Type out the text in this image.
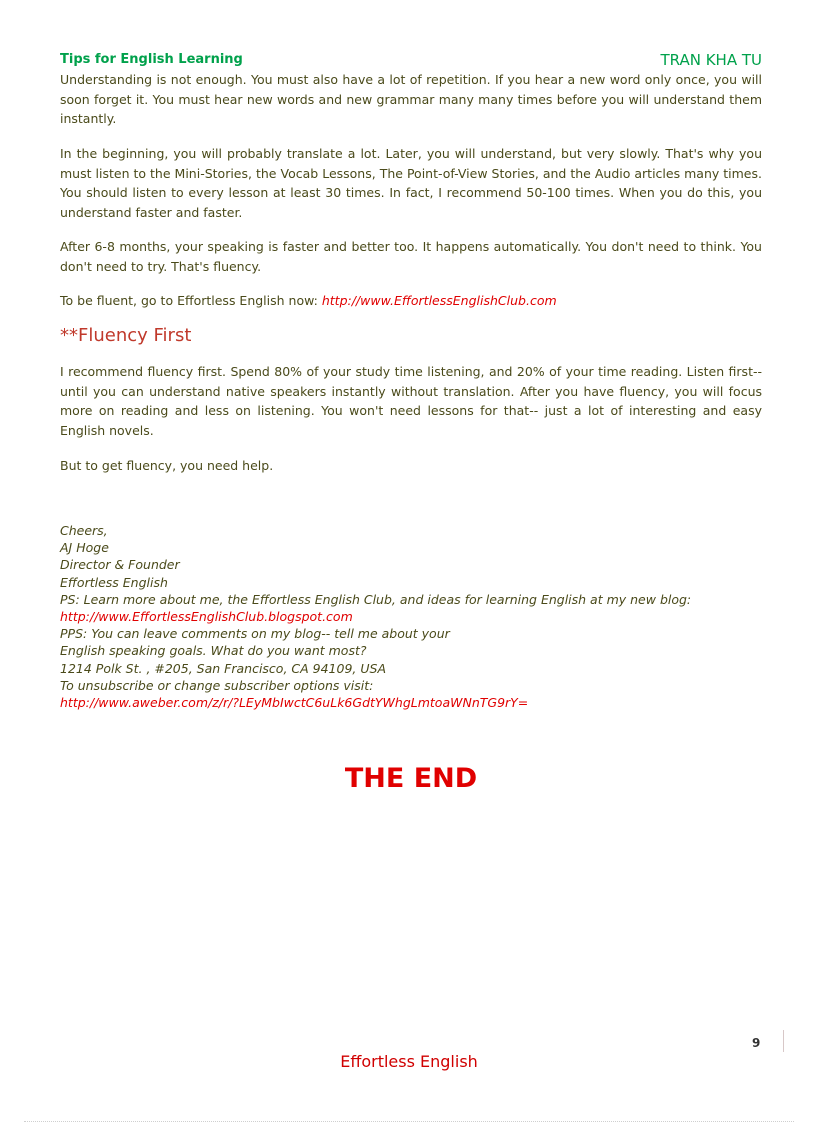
Tips for English Learning	TRAN KHA TU

Understanding is not enough. You must also have a lot of repetition. If you hear a new word only once, you will soon forget it. You must hear new words and new grammar many many times before you will understand them instantly.

In the beginning, you will probably translate a lot. Later, you will understand, but very slowly. That's why you must listen to the Mini-Stories, the Vocab Lessons, The Point-of-View Stories, and the Audio articles many times. You should listen to every lesson at least 30 times. In fact, I recommend 50-100 times. When you do this, you understand faster and faster.

After 6-8 months, your speaking is faster and better too. It happens automatically. You don't need to think. You don't need to try. That's fluency.

To be fluent, go to Effortless English now: http://www.EffortlessEnglishClub.com

**Fluency First

I recommend fluency first. Spend 80% of your study time listening, and 20% of your time reading. Listen first-- until you can understand native speakers instantly without translation. After you have fluency, you will focus more on reading and less on listening. You won't need lessons for that-- just a lot of interesting and easy English novels.

But to get fluency, you need help.

Cheers,
AJ Hoge
Director & Founder
Effortless English
PS: Learn more about me, the Effortless English Club, and ideas for learning English at my new blog:
http://www.EffortlessEnglishClub.blogspot.com
PPS: You can leave comments on my blog-- tell me about your
English speaking goals. What do you want most?
1214 Polk St. , #205, San Francisco, CA 94109, USA
To unsubscribe or change subscriber options visit:
http://www.aweber.com/z/r/?LEyMbIwctC6uLk6GdtYWhgLmtoaWNnTG9rY=
THE END
9
Effortless English
